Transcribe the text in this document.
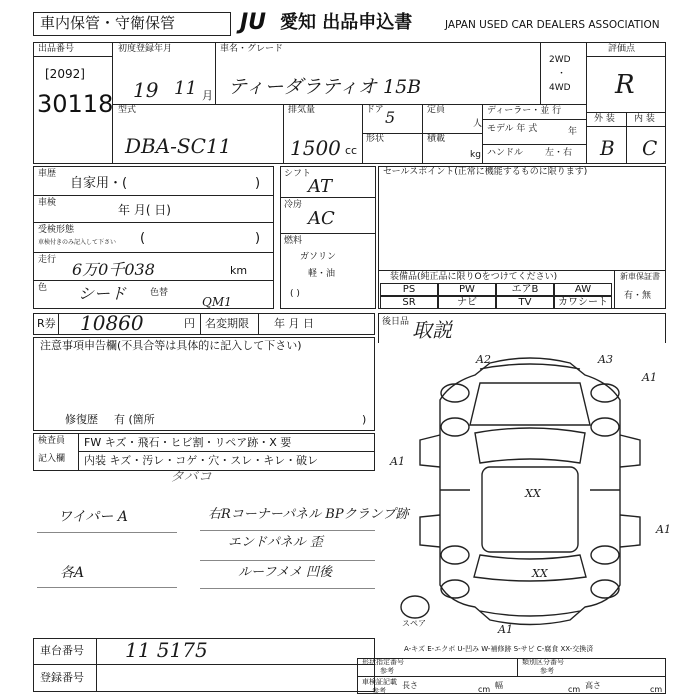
車内保管・守衛保管	JU 愛知 出品申込書	JAPAN USED CAR DEALERS ASSOCIATION
出品番号
[2092]
30118
初度登録年月
19 11 月
車名・グレード
ティーダラティオ 15B
2WD
・
4WD
評価点
R
外 装 内 装
B C
型式
DBA-SC11
排気量
1500 cc
ドア 5
形状
定員
人
積載
kg
ディーラー・並 行
モデル 年 式	年
ハンドル 左・右
車歴
自家用・(	)
車検	年 月( 日)
受検形態
車検付きのみ記入して下さい (	)
走行 6万0千038	km
色 シード	色替
QM1
シフト
AT
冷房
AC
燃料
ガソリン
軽・油
( )
セールスポイント(正常に機能するものに限ります)
装備品(純正品に限りOをつけてください)	新車保証書
有・無
PS	PW	エアB	AW
SR	ナビ	TV	カワシート
R券 10860	円 名変期限 年 月 日	後日品 取説
注意事項申告欄(不具合等は具体的に記入して下さい)
修復歴 有 (箇所	)
検査員
記入欄
FW キズ・飛石・ヒビ割・リペア跡・X 要
内装 キズ・汚レ・コゲ・穴・スレ・キレ・破レ
タバコ
ワイパー A
各A
右Rコーナーパネル BPクランプ跡
エンドパネル 歪
ルーフメメ 凹後
A2	A3
A1
A1
XX
XX
A1
A1
スペア
A-キズ E-エクボ U-凹み W-補修跡 S-サビ C-腐食 XX-交換済
車台番号 11 5175
登録番号
形状指定番号
参考
類別区分番号
参考
車検証記載
参考
長さ	cm 幅	cm 高さ	cm
